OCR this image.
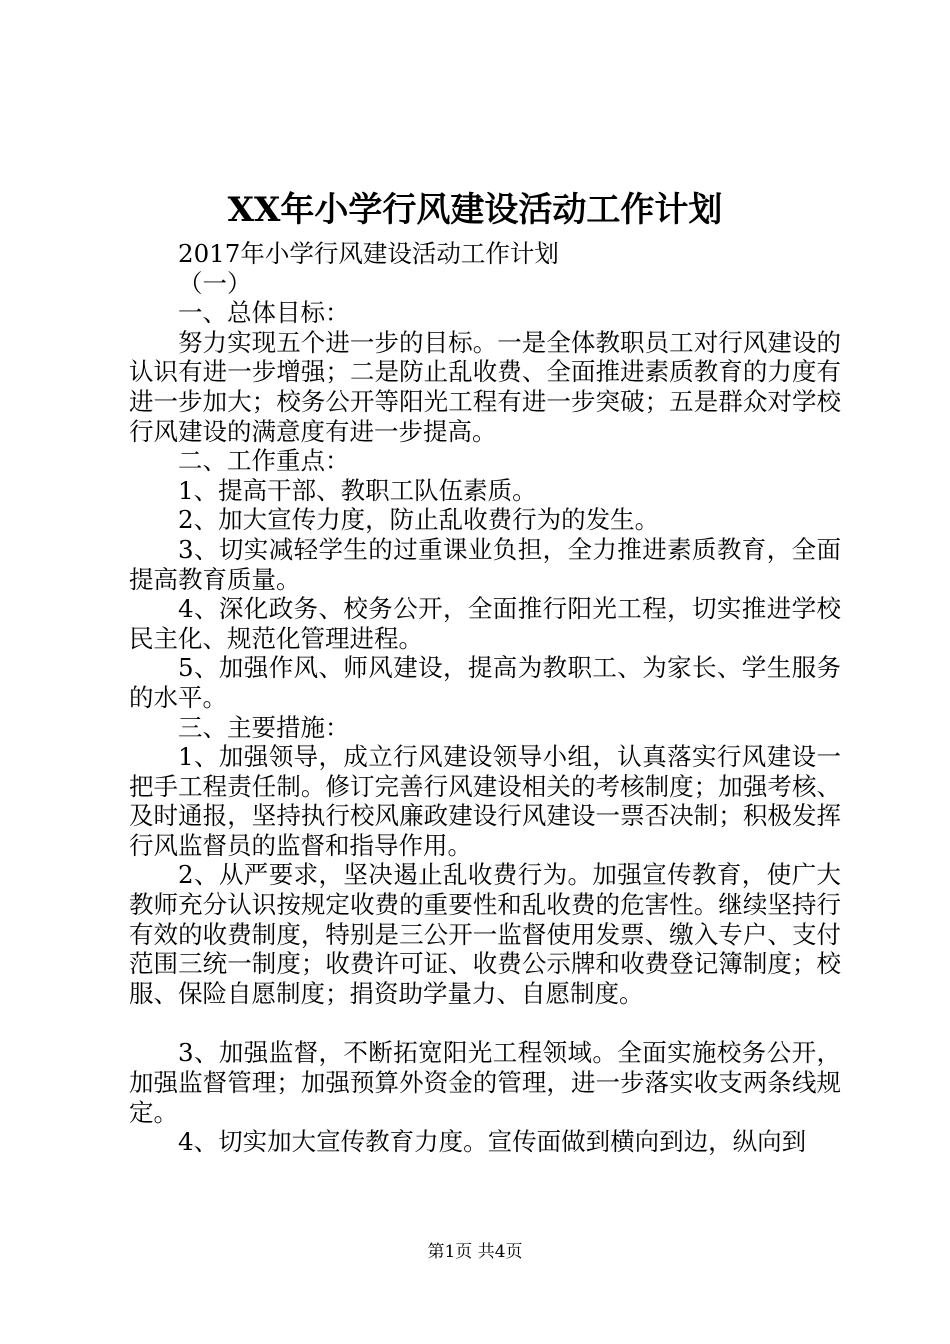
XX年小学行风建设活动工作计划

2017年小学行风建设活动工作计划

（一）

一、总体目标：

努力实现五个进一步的目标。一是全体教职员工对行风建设的认识有进一步增强；二是防止乱收费、全面推进素质教育的力度有进一步加大；校务公开等阳光工程有进一步突破；五是群众对学校行风建设的满意度有进一步提高。

二、工作重点：

1、提高干部、教职工队伍素质。

2、加大宣传力度，防止乱收费行为的发生。

3、切实减轻学生的过重课业负担，全力推进素质教育，全面提高教育质量。

4、深化政务、校务公开，全面推行阳光工程，切实推进学校民主化、规范化管理进程。

5、加强作风、师风建设，提高为教职工、为家长、学生服务的水平。

三、主要措施：

1、加强领导，成立行风建设领导小组，认真落实行风建设一把手工程责任制。修订完善行风建设相关的考核制度；加强考核、及时通报，坚持执行校风廉政建设行风建设一票否决制；积极发挥行风监督员的监督和指导作用。

2、从严要求，坚决遏止乱收费行为。加强宣传教育，使广大教师充分认识按规定收费的重要性和乱收费的危害性。继续坚持行有效的收费制度，特别是三公开一监督使用发票、缴入专户、支付范围三统一制度；收费许可证、收费公示牌和收费登记簿制度；校服、保险自愿制度；捐资助学量力、自愿制度。

3、加强监督，不断拓宽阳光工程领域。全面实施校务公开，加强监督管理；加强预算外资金的管理，进一步落实收支两条线规定。

4、切实加大宣传教育力度。宣传面做到横向到边，纵向到

第1页 共4页
